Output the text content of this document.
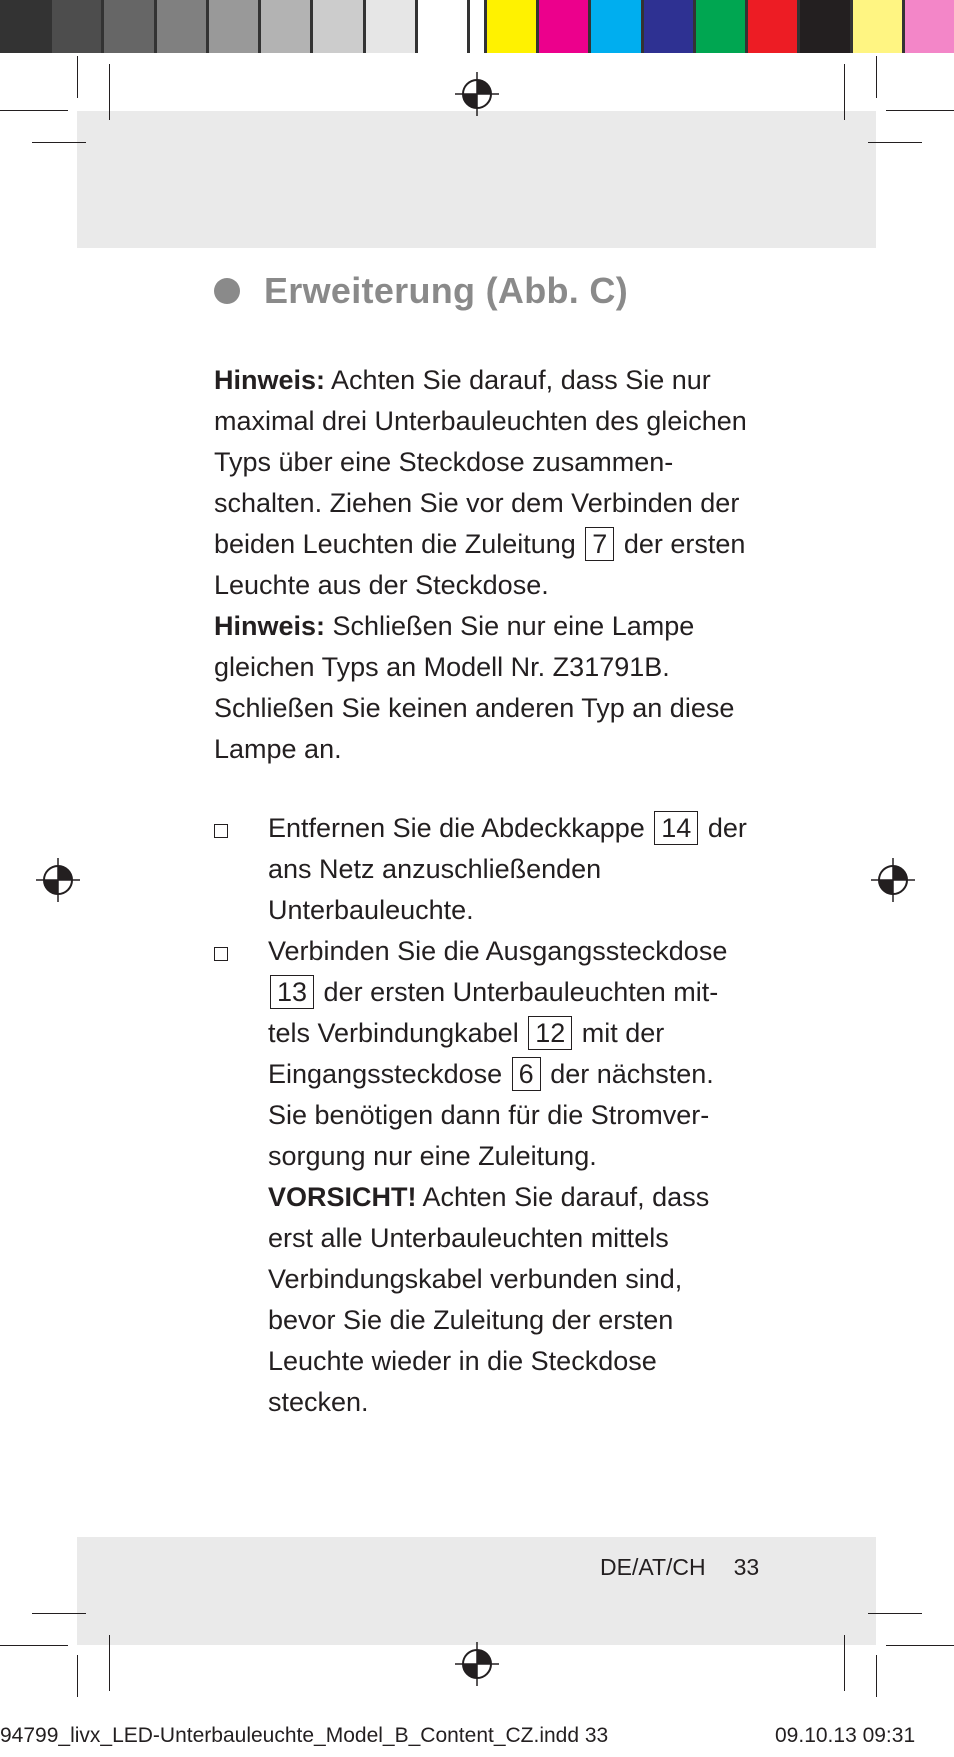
Erweiterung (Abb. C)

Hinweis: Achten Sie darauf, dass Sie nur maximal drei Unterbauleuchten des gleichen Typs über eine Steckdose zusammen- schalten. Ziehen Sie vor dem Verbinden der beiden Leuchten die Zuleitung 7 der ersten Leuchte aus der Steckdose.

Hinweis: Schließen Sie nur eine Lampe gleichen Typs an Modell Nr. Z31791B. Schließen Sie keinen anderen Typ an diese Lampe an.

Entfernen Sie die Abdeckkappe 14 der ans Netz anzuschließenden Unterbauleuchte.
Verbinden Sie die Ausgangssteckdose 13 der ersten Unterbauleuchten mit- tels Verbindungkabel 12 mit der Eingangssteckdose 6 der nächsten. Sie benötigen dann für die Stromver- sorgung nur eine Zuleitung.
VORSICHT! Achten Sie darauf, dass erst alle Unterbauleuchten mittels Verbindungskabel verbunden sind, bevor Sie die Zuleitung der ersten Leuchte wieder in die Steckdose stecken.
DE/AT/CH 33
94799_livx_LED-Unterbauleuchte_Model_B_Content_CZ.indd 33	09.10.13 09:31
